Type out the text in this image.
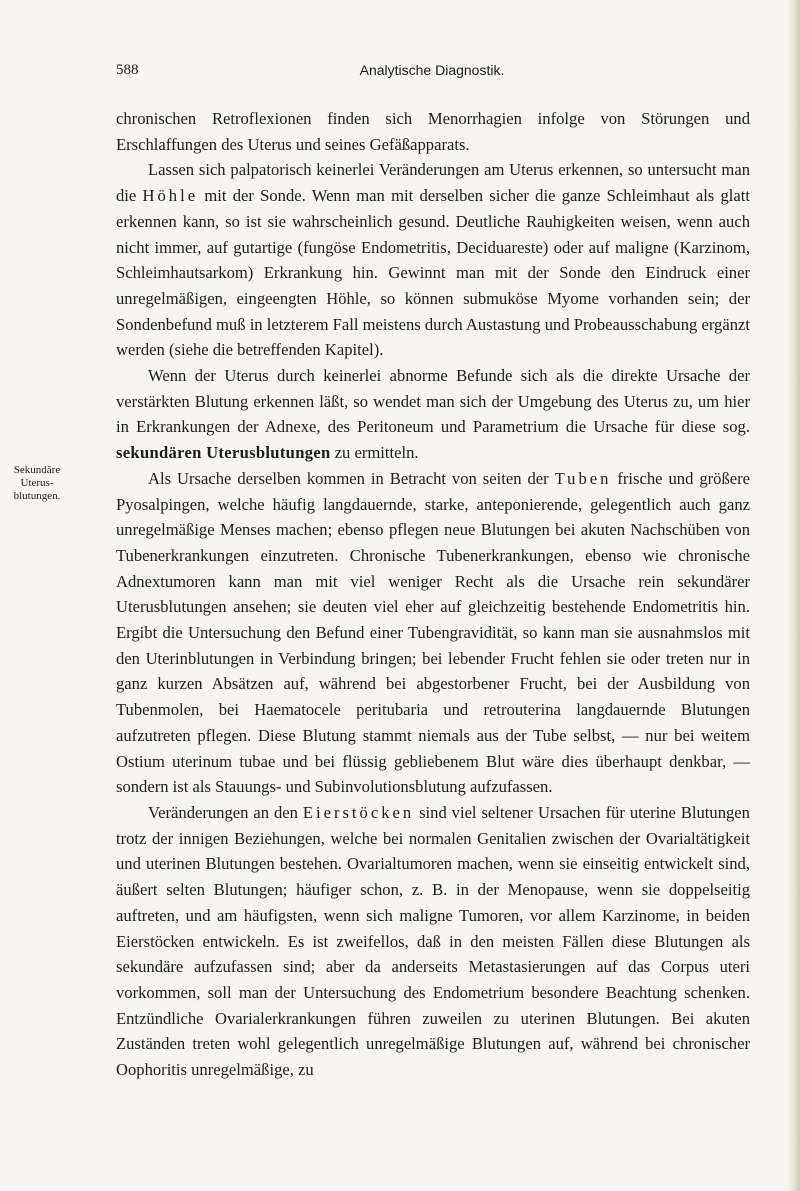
588	Analytische Diagnostik.
Sekundäre
Uterus-
blutungen.

chronischen Retroflexionen finden sich Menorrhagien infolge von Störungen und Erschlaffungen des Uterus und seines Gefäßapparats.

Lassen sich palpatorisch keinerlei Veränderungen am Uterus erkennen, so untersucht man die Höhle mit der Sonde. Wenn man mit derselben sicher die ganze Schleimhaut als glatt erkennen kann, so ist sie wahrscheinlich gesund. Deutliche Rauhigkeiten weisen, wenn auch nicht immer, auf gutartige (fungöse Endometritis, Deciduareste) oder auf maligne (Karzinom, Schleimhautsarkom) Erkrankung hin. Gewinnt man mit der Sonde den Eindruck einer unregelmäßigen, eingeengten Höhle, so können submuköse Myome vorhanden sein; der Sondenbefund muß in letzterem Fall meistens durch Austastung und Probeausschabung ergänzt werden (siehe die betreffenden Kapitel).

Wenn der Uterus durch keinerlei abnorme Befunde sich als die direkte Ursache der verstärkten Blutung erkennen läßt, so wendet man sich der Umgebung des Uterus zu, um hier in Erkrankungen der Adnexe, des Peritoneum und Parametrium die Ursache für diese sog. sekundären Uterusblutungen zu ermitteln.

Als Ursache derselben kommen in Betracht von seiten der Tuben frische und größere Pyosalpingen, welche häufig langdauernde, starke, anteponierende, gelegentlich auch ganz unregelmäßige Menses machen; ebenso pflegen neue Blutungen bei akuten Nachschüben von Tubenerkrankungen einzutreten. Chronische Tubenerkrankungen, ebenso wie chronische Adnextumoren kann man mit viel weniger Recht als die Ursache rein sekundärer Uterusblutungen ansehen; sie deuten viel eher auf gleichzeitig bestehende Endometritis hin. Ergibt die Untersuchung den Befund einer Tubengravidität, so kann man sie ausnahmslos mit den Uterinblutungen in Verbindung bringen; bei lebender Frucht fehlen sie oder treten nur in ganz kurzen Absätzen auf, während bei abgestorbener Frucht, bei der Ausbildung von Tubenmolen, bei Haematocele peritubaria und retrouterina langdauernde Blutungen aufzutreten pflegen. Diese Blutung stammt niemals aus der Tube selbst, — nur bei weitem Ostium uterinum tubae und bei flüssig gebliebenem Blut wäre dies überhaupt denkbar, — sondern ist als Stauungs- und Subinvolutionsblutung aufzufassen.

Veränderungen an den Eierstöcken sind viel seltener Ursachen für uterine Blutungen trotz der innigen Beziehungen, welche bei normalen Genitalien zwischen der Ovarialtätigkeit und uterinen Blutungen bestehen. Ovarialtumoren machen, wenn sie einseitig entwickelt sind, äußert selten Blutungen; häufiger schon, z. B. in der Menopause, wenn sie doppelseitig auftreten, und am häufigsten, wenn sich maligne Tumoren, vor allem Karzinome, in beiden Eierstöcken entwickeln. Es ist zweifellos, daß in den meisten Fällen diese Blutungen als sekundäre aufzufassen sind; aber da anderseits Metastasierungen auf das Corpus uteri vorkommen, soll man der Untersuchung des Endometrium besondere Beachtung schenken. Entzündliche Ovarialerkrankungen führen zuweilen zu uterinen Blutungen. Bei akuten Zuständen treten wohl gelegentlich unregelmäßige Blutungen auf, während bei chronischer Oophoritis unregelmäßige, zu
